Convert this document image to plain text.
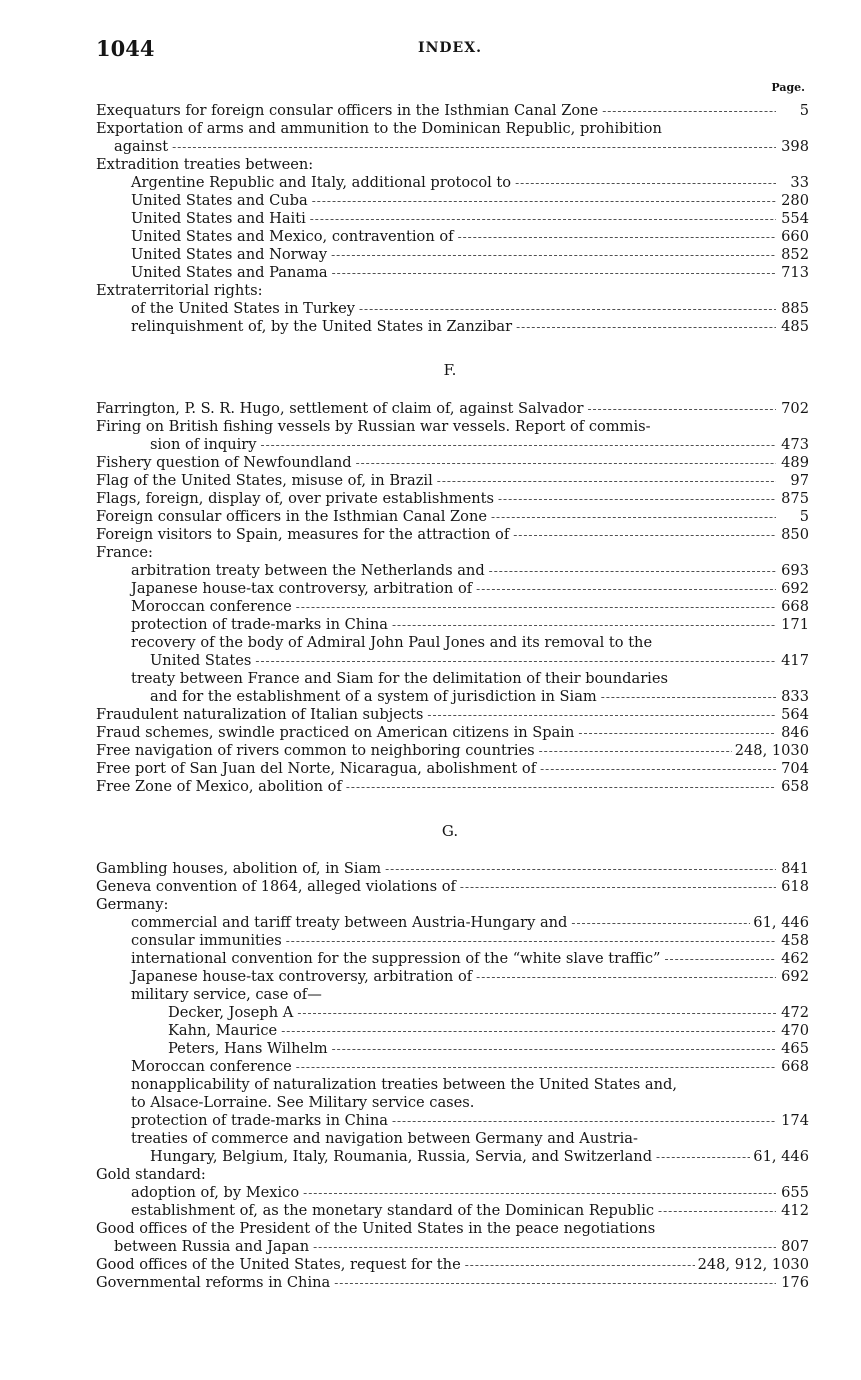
1044	INDEX.
Page.
Exequaturs for foreign consular officers in the Isthmian Canal Zone -----	5
Exportation of arms and ammunition to the Dominican Republic, prohibition
against -----	398
Extradition treaties between:
Argentine Republic and Italy, additional protocol to -----	33
United States and Cuba -----	280
United States and Haiti -----	554
United States and Mexico, contravention of -----	660
United States and Norway -----	852
United States and Panama -----	713
Extraterritorial rights:
of the United States in Turkey -----	885
relinquishment of, by the United States in Zanzibar -----	485
Farrington, P. S. R. Hugo, settlement of claim of, against Salvador -----	702
Firing on British fishing vessels by Russian war vessels. Report of commis-
sion of inquiry -----	473
Fishery question of Newfoundland -----	489
Flag of the United States, misuse of, in Brazil -----	97
Flags, foreign, display of, over private establishments -----	875
Foreign consular officers in the Isthmian Canal Zone -----	5
Foreign visitors to Spain, measures for the attraction of -----	850
France:
arbitration treaty between the Netherlands and -----	693
Japanese house-tax controversy, arbitration of -----	692
Moroccan conference -----	668
protection of trade-marks in China -----	171
recovery of the body of Admiral John Paul Jones and its removal to the
United States -----	417
treaty between France and Siam for the delimitation of their boundaries
and for the establishment of a system of jurisdiction in Siam -----	833
Fraudulent naturalization of Italian subjects -----	564
Fraud schemes, swindle practiced on American citizens in Spain -----	846
Free navigation of rivers common to neighboring countries -----	248, 1030
Free port of San Juan del Norte, Nicaragua, abolishment of -----	704
Free Zone of Mexico, abolition of -----	658
Gambling houses, abolition of, in Siam -----	841
Geneva convention of 1864, alleged violations of -----	618
Germany:
commercial and tariff treaty between Austria-Hungary and -----	61, 446
consular immunities -----	458
international convention for the suppression of the “white slave traffic” -----	462
Japanese house-tax controversy, arbitration of -----	692
military service, case of—
Decker, Joseph A -----	472
Kahn, Maurice -----	470
Peters, Hans Wilhelm -----	465
Moroccan conference -----	668
nonapplicability of naturalization treaties between the United States and,
to Alsace-Lorraine. See Military service cases.
protection of trade-marks in China -----	174
treaties of commerce and navigation between Germany and Austria-
Hungary, Belgium, Italy, Roumania, Russia, Servia, and Switzerland -----	61, 446
Gold standard:
adoption of, by Mexico -----	655
establishment of, as the monetary standard of the Dominican Republic -----	412
Good offices of the President of the United States in the peace negotiations
between Russia and Japan -----	807
Good offices of the United States, request for the -----	248, 912, 1030
Governmental reforms in China -----	176
F.
G.
